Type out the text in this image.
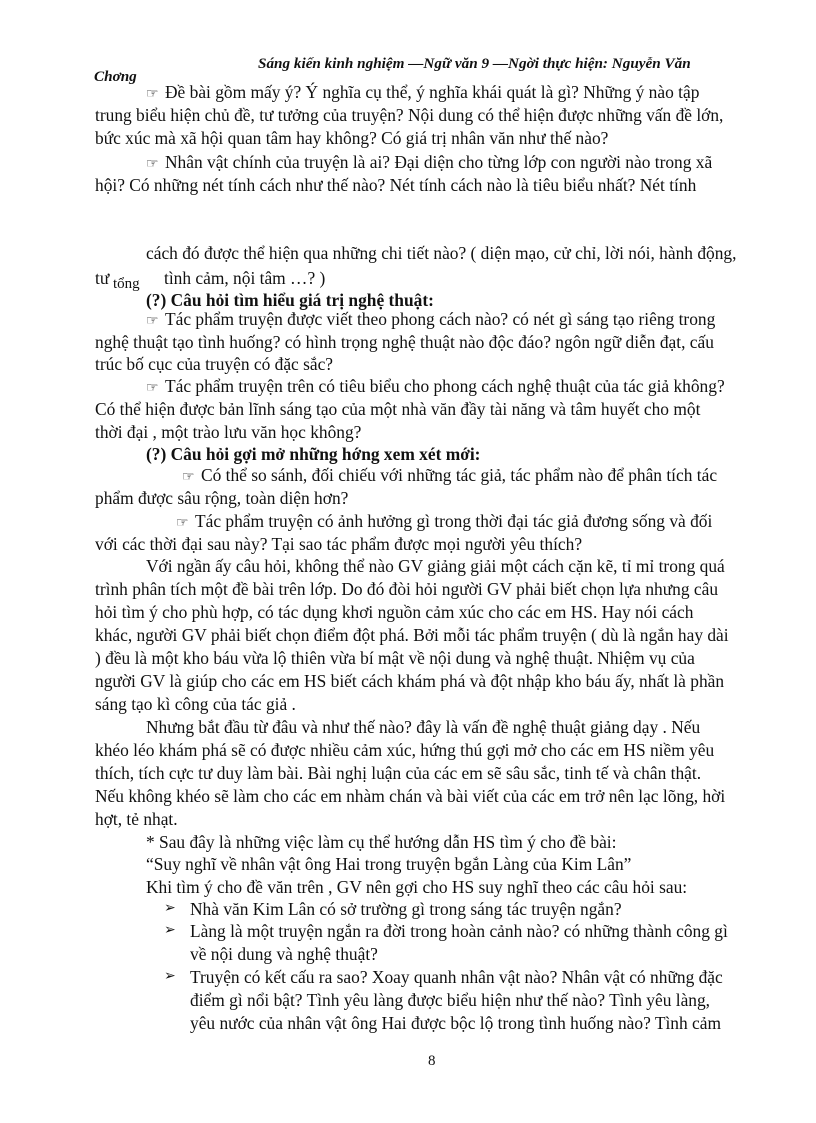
Sáng kiến kinh nghiệm —Ngữ văn 9 —Ngời thực hiện: Nguyễn Văn
Chơng
☞ Đề bài gồm mấy ý? Ý nghĩa cụ thể, ý nghĩa khái quát là gì? Những ý nào tập
trung biểu hiện chủ đề, tư tưởng của truyện? Nội dung có thể hiện được những vấn đề lớn,
bức xúc mà xã hội quan tâm hay không? Có giá trị nhân văn như thế nào?
☞ Nhân vật chính của truyện là ai? Đại diện cho từng lớp con người nào trong xã
hội? Có những nét tính cách như thế nào? Nét tính cách nào là tiêu biểu nhất? Nét tính
cách đó được thể hiện qua những chi tiết nào? ( diện mạo, cử chỉ, lời nói, hành động,
tư tổng tình cảm, nội tâm …? )
(?) Câu hỏi tìm hiểu giá trị nghệ thuật:
☞ Tác phẩm truyện được viết theo phong cách nào? có nét gì sáng tạo riêng trong
nghệ thuật tạo tình huống? có hình trọng nghệ thuật nào độc đáo? ngôn ngữ diễn đạt, cấu
trúc bố cục của truyện có đặc sắc?
☞ Tác phẩm truyện trên có tiêu biểu cho phong cách nghệ thuật của tác giả không?
Có thể hiện được bản lĩnh sáng tạo của một nhà văn đầy tài năng và tâm huyết cho một
thời đại , một trào lưu văn học không?
(?) Câu hỏi gợi mở những hớng xem xét mới:
☞ Có thể so sánh, đối chiếu với những tác giả, tác phẩm nào để phân tích tác
phẩm được sâu rộng, toàn diện hơn?
☞ Tác phẩm truyện có ảnh hưởng gì trong thời đại tác giả đương sống và đối
với các thời đại sau này? Tại sao tác phẩm được mọi người yêu thích?
Với ngần ấy câu hỏi, không thể nào GV giảng giải một cách cặn kẽ, tỉ mỉ trong quá
trình phân tích một đề bài trên lớp. Do đó đòi hỏi người GV phải biết chọn lựa nhưng câu
hỏi tìm ý cho phù hợp, có tác dụng khơi nguồn cảm xúc cho các em HS. Hay nói cách
khác, người GV phải biết chọn điểm đột phá. Bởi mỗi tác phẩm truyện ( dù là ngắn hay dài
) đều là một kho báu vừa lộ thiên vừa bí mật về nội dung và nghệ thuật. Nhiệm vụ của
người GV là giúp cho các em HS biết cách khám phá và đột nhập kho báu ấy, nhất là phần
sáng tạo kì công của tác giả .
Nhưng bắt đầu từ đâu và như thế nào? đây là vấn đề nghệ thuật giảng dạy . Nếu
khéo léo khám phá sẽ có được nhiều cảm xúc, hứng thú gợi mở cho các em HS niềm yêu
thích, tích cực tư duy làm bài. Bài nghị luận của các em sẽ sâu sắc, tinh tế và chân thật.
Nếu không khéo sẽ làm cho các em nhàm chán và bài viết của các em trở nên lạc lõng, hời
hợt, tẻ nhạt.
* Sau đây là những việc làm cụ thể hướng dẫn HS tìm ý cho đề bài:
“Suy nghĩ về nhân vật ông Hai trong truyện bgắn Làng của Kim Lân”
Khi tìm ý cho đề văn trên , GV nên gợi cho HS suy nghĩ theo các câu hỏi sau:
➢ Nhà văn Kim Lân có sở trường gì trong sáng tác truyện ngắn?
➢ Làng là một truyện ngắn ra đời trong hoàn cảnh nào? có những thành công gì
về nội dung và nghệ thuật?
➢ Truyện có kết cấu ra sao? Xoay quanh nhân vật nào? Nhân vật có những đặc
điểm gì nổi bật? Tình yêu làng được biểu hiện như thế nào? Tình yêu làng,
yêu nước của nhân vật ông Hai được bộc lộ trong tình huống nào? Tình cảm
8
